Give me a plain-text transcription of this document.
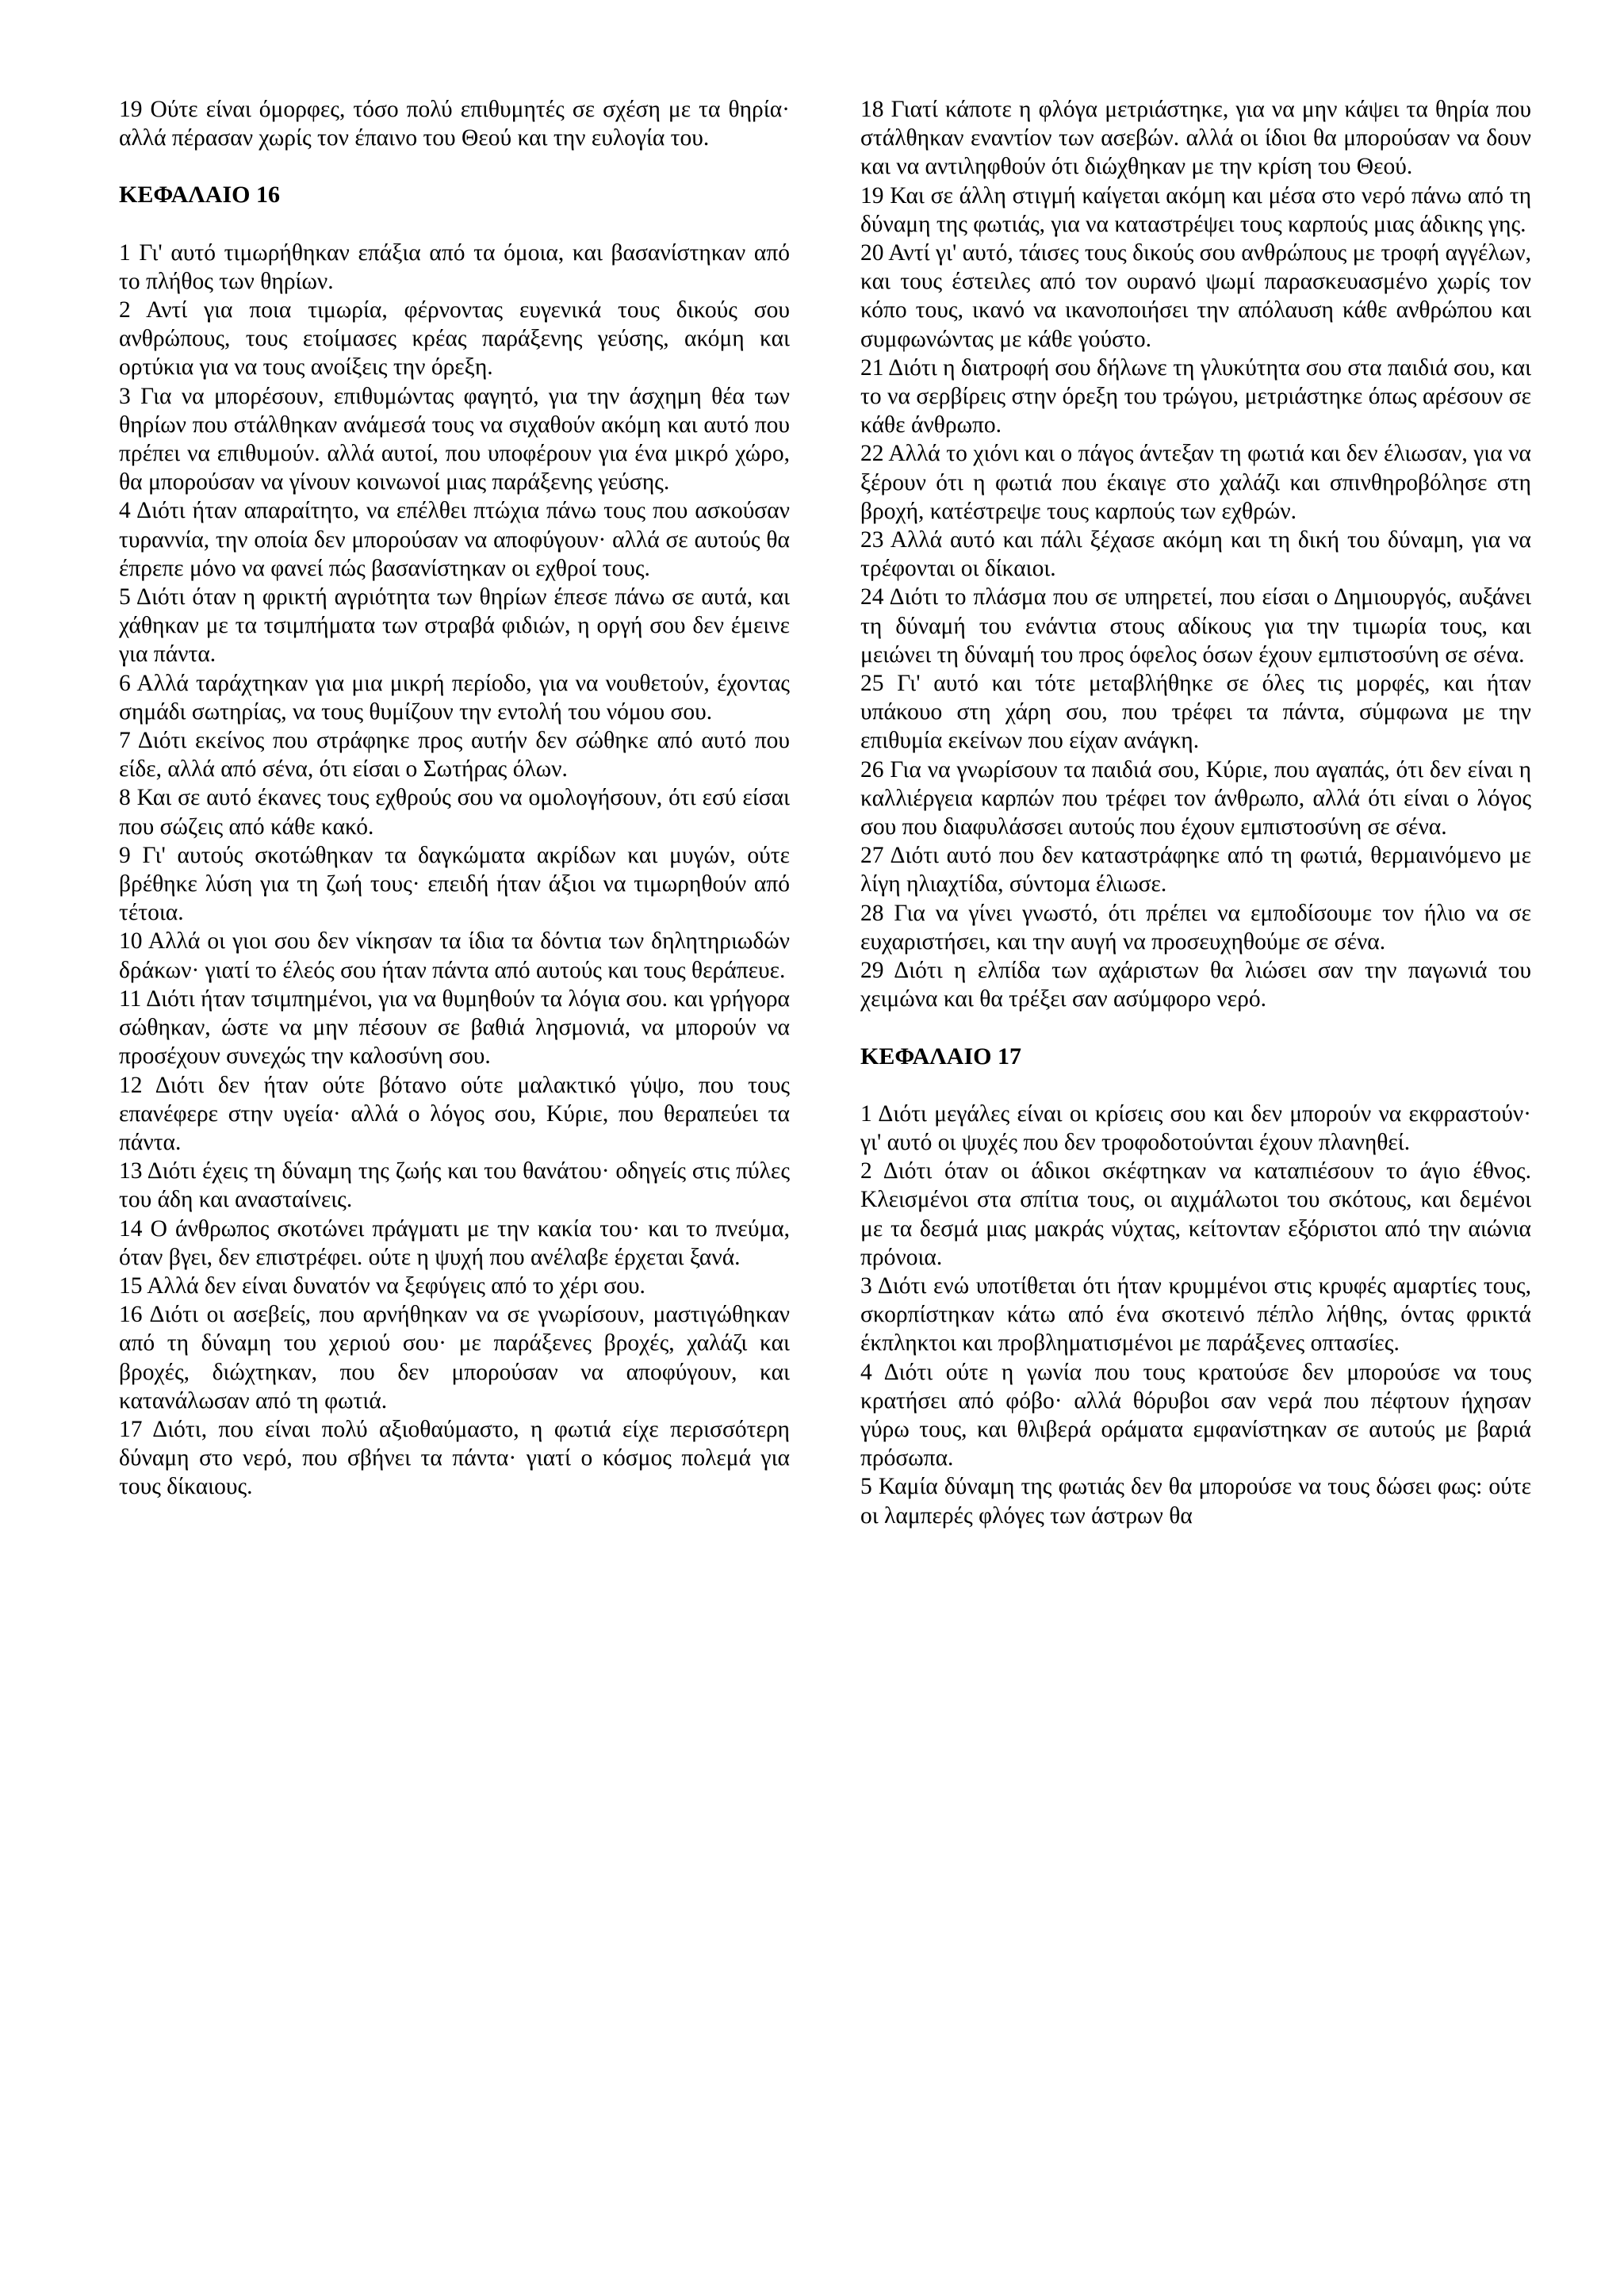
19 Ούτε είναι όμορφες, τόσο πολύ επιθυμητές σε σχέση με τα θηρία· αλλά πέρασαν χωρίς τον έπαινο του Θεού και την ευλογία του.

ΚΕΦΑΛΑΙΟ 16

1 Γι' αυτό τιμωρήθηκαν επάξια από τα όμοια, και βασανίστηκαν από το πλήθος των θηρίων.

2 Αντί για ποια τιμωρία, φέρνοντας ευγενικά τους δικούς σου ανθρώπους, τους ετοίμασες κρέας παράξενης γεύσης, ακόμη και ορτύκια για να τους ανοίξεις την όρεξη.

3 Για να μπορέσουν, επιθυμώντας φαγητό, για την άσχημη θέα των θηρίων που στάλθηκαν ανάμεσά τους να σιχαθούν ακόμη και αυτό που πρέπει να επιθυμούν. αλλά αυτοί, που υποφέρουν για ένα μικρό χώρο, θα μπορούσαν να γίνουν κοινωνοί μιας παράξενης γεύσης.

4 Διότι ήταν απαραίτητο, να επέλθει πτώχια πάνω τους που ασκούσαν τυραννία, την οποία δεν μπορούσαν να αποφύγουν· αλλά σε αυτούς θα έπρεπε μόνο να φανεί πώς βασανίστηκαν οι εχθροί τους.

5 Διότι όταν η φρικτή αγριότητα των θηρίων έπεσε πάνω σε αυτά, και χάθηκαν με τα τσιμπήματα των στραβά φιδιών, η οργή σου δεν έμεινε για πάντα.

6 Αλλά ταράχτηκαν για μια μικρή περίοδο, για να νουθετούν, έχοντας σημάδι σωτηρίας, να τους θυμίζουν την εντολή του νόμου σου.

7 Διότι εκείνος που στράφηκε προς αυτήν δεν σώθηκε από αυτό που είδε, αλλά από σένα, ότι είσαι ο Σωτήρας όλων.

8 Και σε αυτό έκανες τους εχθρούς σου να ομολογήσουν, ότι εσύ είσαι που σώζεις από κάθε κακό.

9 Γι' αυτούς σκοτώθηκαν τα δαγκώματα ακρίδων και μυγών, ούτε βρέθηκε λύση για τη ζωή τους· επειδή ήταν άξιοι να τιμωρηθούν από τέτοια.

10 Αλλά οι γιοι σου δεν νίκησαν τα ίδια τα δόντια των δηλητηριωδών δράκων· γιατί το έλεός σου ήταν πάντα από αυτούς και τους θεράπευε.

11 Διότι ήταν τσιμπημένοι, για να θυμηθούν τα λόγια σου. και γρήγορα σώθηκαν, ώστε να μην πέσουν σε βαθιά λησμονιά, να μπορούν να προσέχουν συνεχώς την καλοσύνη σου.

12 Διότι δεν ήταν ούτε βότανο ούτε μαλακτικό γύψο, που τους επανέφερε στην υγεία· αλλά ο λόγος σου, Κύριε, που θεραπεύει τα πάντα.

13 Διότι έχεις τη δύναμη της ζωής και του θανάτου· οδηγείς στις πύλες του άδη και ανασταίνεις.

14 Ο άνθρωπος σκοτώνει πράγματι με την κακία του· και το πνεύμα, όταν βγει, δεν επιστρέφει. ούτε η ψυχή που ανέλαβε έρχεται ξανά.

15 Αλλά δεν είναι δυνατόν να ξεφύγεις από το χέρι σου.

16 Διότι οι ασεβείς, που αρνήθηκαν να σε γνωρίσουν, μαστιγώθηκαν από τη δύναμη του χεριού σου· με παράξενες βροχές, χαλάζι και βροχές, διώχτηκαν, που δεν μπορούσαν να αποφύγουν, και κατανάλωσαν από τη φωτιά.

17 Διότι, που είναι πολύ αξιοθαύμαστο, η φωτιά είχε περισσότερη δύναμη στο νερό, που σβήνει τα πάντα· γιατί ο κόσμος πολεμά για τους δίκαιους.

18 Γιατί κάποτε η φλόγα μετριάστηκε, για να μην κάψει τα θηρία που στάλθηκαν εναντίον των ασεβών. αλλά οι ίδιοι θα μπορούσαν να δουν και να αντιληφθούν ότι διώχθηκαν με την κρίση του Θεού.

19 Και σε άλλη στιγμή καίγεται ακόμη και μέσα στο νερό πάνω από τη δύναμη της φωτιάς, για να καταστρέψει τους καρπούς μιας άδικης γης.

20 Αντί γι' αυτό, τάισες τους δικούς σου ανθρώπους με τροφή αγγέλων, και τους έστειλες από τον ουρανό ψωμί παρασκευασμένο χωρίς τον κόπο τους, ικανό να ικανοποιήσει την απόλαυση κάθε ανθρώπου και συμφωνώντας με κάθε γούστο.

21 Διότι η διατροφή σου δήλωνε τη γλυκύτητα σου στα παιδιά σου, και το να σερβίρεις στην όρεξη του τρώγου, μετριάστηκε όπως αρέσουν σε κάθε άνθρωπο.

22 Αλλά το χιόνι και ο πάγος άντεξαν τη φωτιά και δεν έλιωσαν, για να ξέρουν ότι η φωτιά που έκαιγε στο χαλάζι και σπινθηροβόλησε στη βροχή, κατέστρεψε τους καρπούς των εχθρών.

23 Αλλά αυτό και πάλι ξέχασε ακόμη και τη δική του δύναμη, για να τρέφονται οι δίκαιοι.

24 Διότι το πλάσμα που σε υπηρετεί, που είσαι ο Δημιουργός, αυξάνει τη δύναμή του ενάντια στους αδίκους για την τιμωρία τους, και μειώνει τη δύναμή του προς όφελος όσων έχουν εμπιστοσύνη σε σένα.

25 Γι' αυτό και τότε μεταβλήθηκε σε όλες τις μορφές, και ήταν υπάκουο στη χάρη σου, που τρέφει τα πάντα, σύμφωνα με την επιθυμία εκείνων που είχαν ανάγκη.

26 Για να γνωρίσουν τα παιδιά σου, Κύριε, που αγαπάς, ότι δεν είναι η καλλιέργεια καρπών που τρέφει τον άνθρωπο, αλλά ότι είναι ο λόγος σου που διαφυλάσσει αυτούς που έχουν εμπιστοσύνη σε σένα.

27 Διότι αυτό που δεν καταστράφηκε από τη φωτιά, θερμαινόμενο με λίγη ηλιαχτίδα, σύντομα έλιωσε.

28 Για να γίνει γνωστό, ότι πρέπει να εμποδίσουμε τον ήλιο να σε ευχαριστήσει, και την αυγή να προσευχηθούμε σε σένα.

29 Διότι η ελπίδα των αχάριστων θα λιώσει σαν την παγωνιά του χειμώνα και θα τρέξει σαν ασύμφορο νερό.

ΚΕΦΑΛΑΙΟ 17

1 Διότι μεγάλες είναι οι κρίσεις σου και δεν μπορούν να εκφραστούν· γι' αυτό οι ψυχές που δεν τροφοδοτούνται έχουν πλανηθεί.

2 Διότι όταν οι άδικοι σκέφτηκαν να καταπιέσουν το άγιο έθνος. Κλεισμένοι στα σπίτια τους, οι αιχμάλωτοι του σκότους, και δεμένοι με τα δεσμά μιας μακράς νύχτας, κείτονταν εξόριστοι από την αιώνια πρόνοια.

3 Διότι ενώ υποτίθεται ότι ήταν κρυμμένοι στις κρυφές αμαρτίες τους, σκορπίστηκαν κάτω από ένα σκοτεινό πέπλο λήθης, όντας φρικτά έκπληκτοι και προβληματισμένοι με παράξενες οπτασίες.

4 Διότι ούτε η γωνία που τους κρατούσε δεν μπορούσε να τους κρατήσει από φόβο· αλλά θόρυβοι σαν νερά που πέφτουν ήχησαν γύρω τους, και θλιβερά οράματα εμφανίστηκαν σε αυτούς με βαριά πρόσωπα.

5 Καμία δύναμη της φωτιάς δεν θα μπορούσε να τους δώσει φως: ούτε οι λαμπερές φλόγες των άστρων θα
